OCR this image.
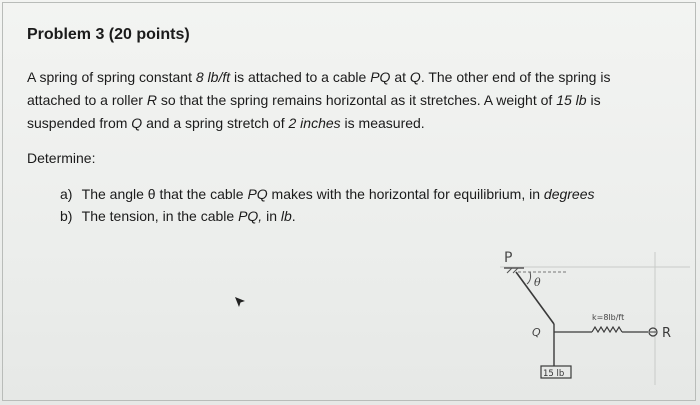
Problem 3 (20 points)
A spring of spring constant 8 lb/ft is attached to a cable PQ at Q. The other end of the spring is attached to a roller R so that the spring remains horizontal as it stretches. A weight of 15 lb is suspended from Q and a spring stretch of 2 inches is measured.
Determine:
a) The angle θ that the cable PQ makes with the horizontal for equilibrium, in degrees
b) The tension, in the cable PQ, in lb.
P
θ
Q
k=8lb/ft
R
15 lb
